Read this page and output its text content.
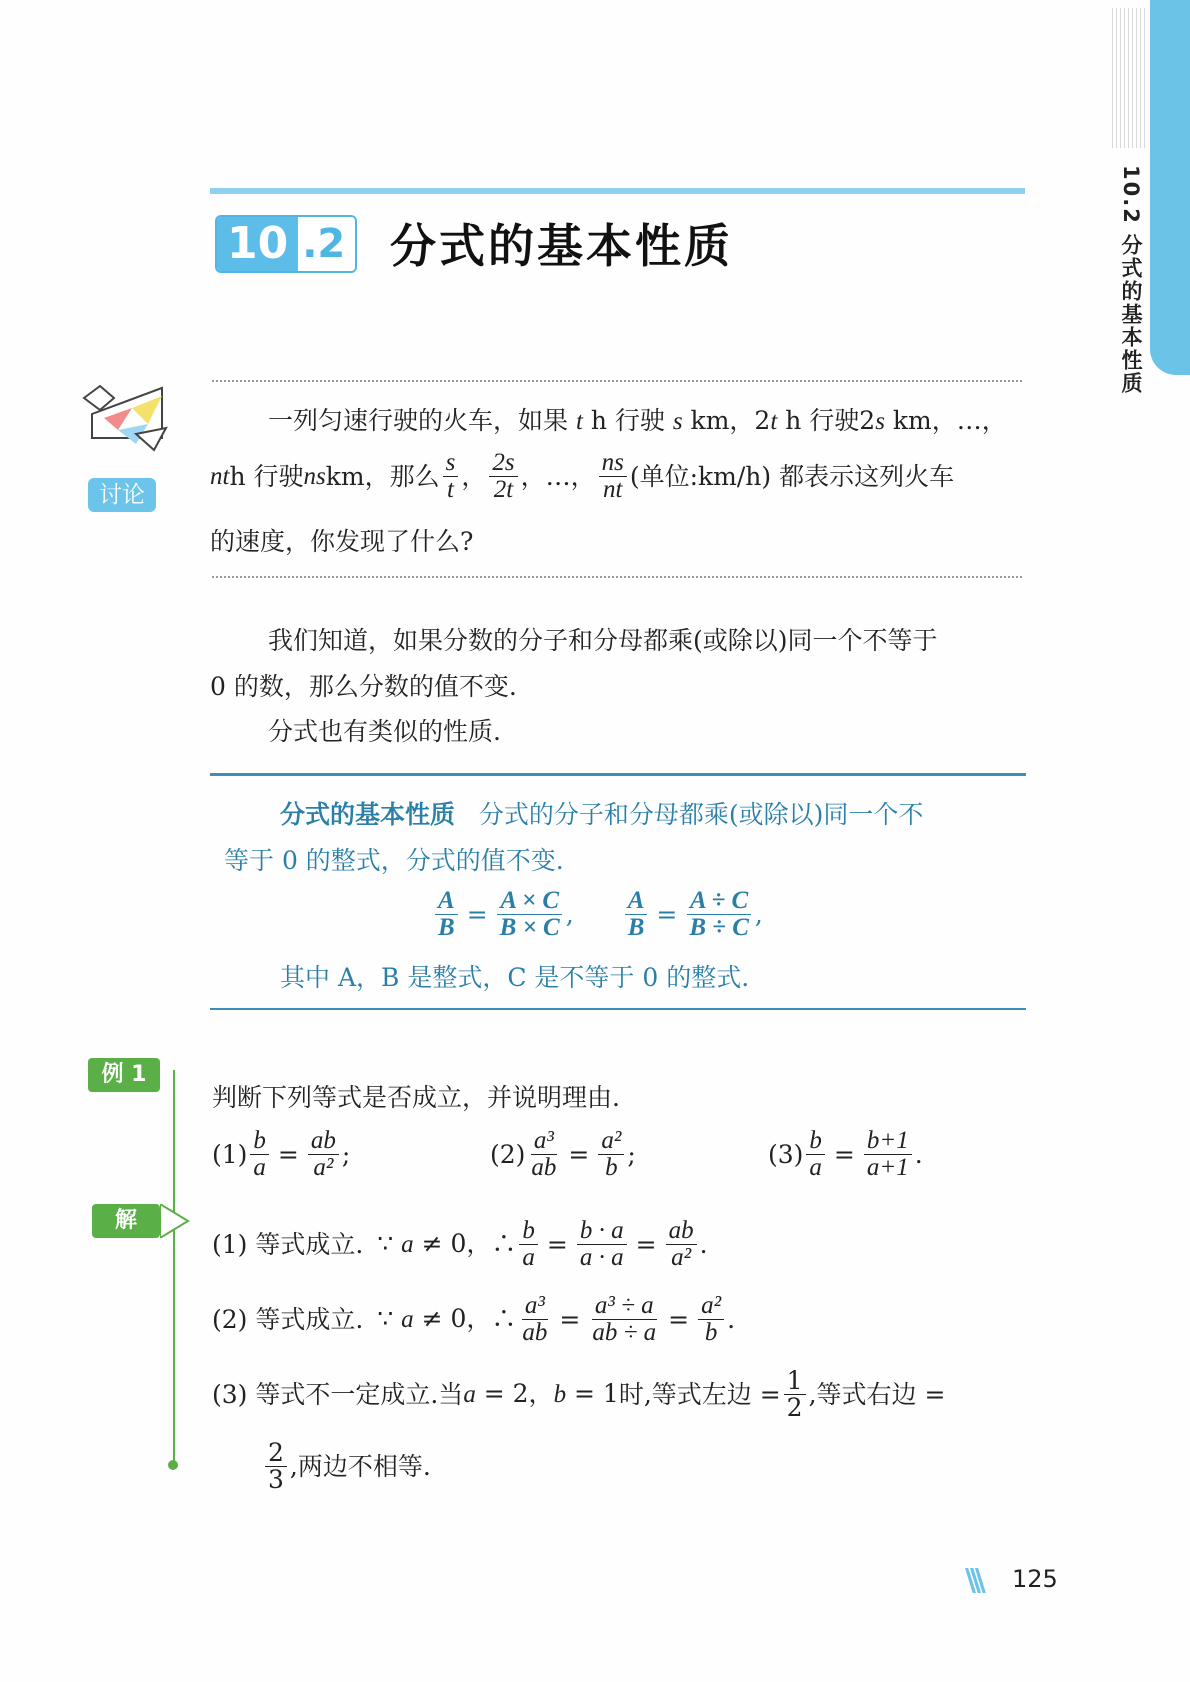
10.2 分式的基本性质
10 .2 分式的基本性质
讨论
一列匀速行驶的火车，如果 t h 行驶 s km，2t h 行驶2s km，…，
nt h 行驶 ns km，那么 $\frac{s}{t}$ ， $\frac{2s}{2t}$ ，…， $\frac{ns}{nt}$ (单位:km/h) 都表示这列火车
的速度，你发现了什么?
我们知道，如果分数的分子和分母都乘(或除以)同一个不等于
0 的数，那么分数的值不变.
分式也有类似的性质.
分式的基本性质 分式的分子和分母都乘(或除以)同一个不
等于 0 的整式，分式的值不变.
$\frac{A}{B} = \frac{A \times C}{B \times C}$ , $\frac{A}{B} = \frac{A \div C}{B \div C}$ ,
其中 A，B 是整式，C 是不等于 0 的整式.
例 1
判断下列等式是否成立，并说明理由.
$(1) \frac{b}{a} = \frac{ab}{\text{a²}}$ ;	$(2) \frac{\text{a³}}{ab} = \frac{\text{a²}}{b}$ ;	$(3) \frac{b}{a} = \frac{b+1}{a+1}$ .
解
(1) 等式成立. ∵ a ≠ 0，∴ $\frac{b}{a} = \frac{b \cdot a}{a \cdot a} = \frac{ab}{\text{a²}}$ .
(2) 等式成立. ∵ a ≠ 0，∴ $\frac{\text{a³}}{ab} = \frac{\text{a³ ÷ a}}{ab \div a} = \frac{\text{a²}}{b}$ .
(3) 等式不一定成立.当 a = 2，b = 1 时,等式左边 = $\frac{1}{2}$ ,等式右边 =
$\frac{2}{3}$ ,两边不相等.
\\\ 125
